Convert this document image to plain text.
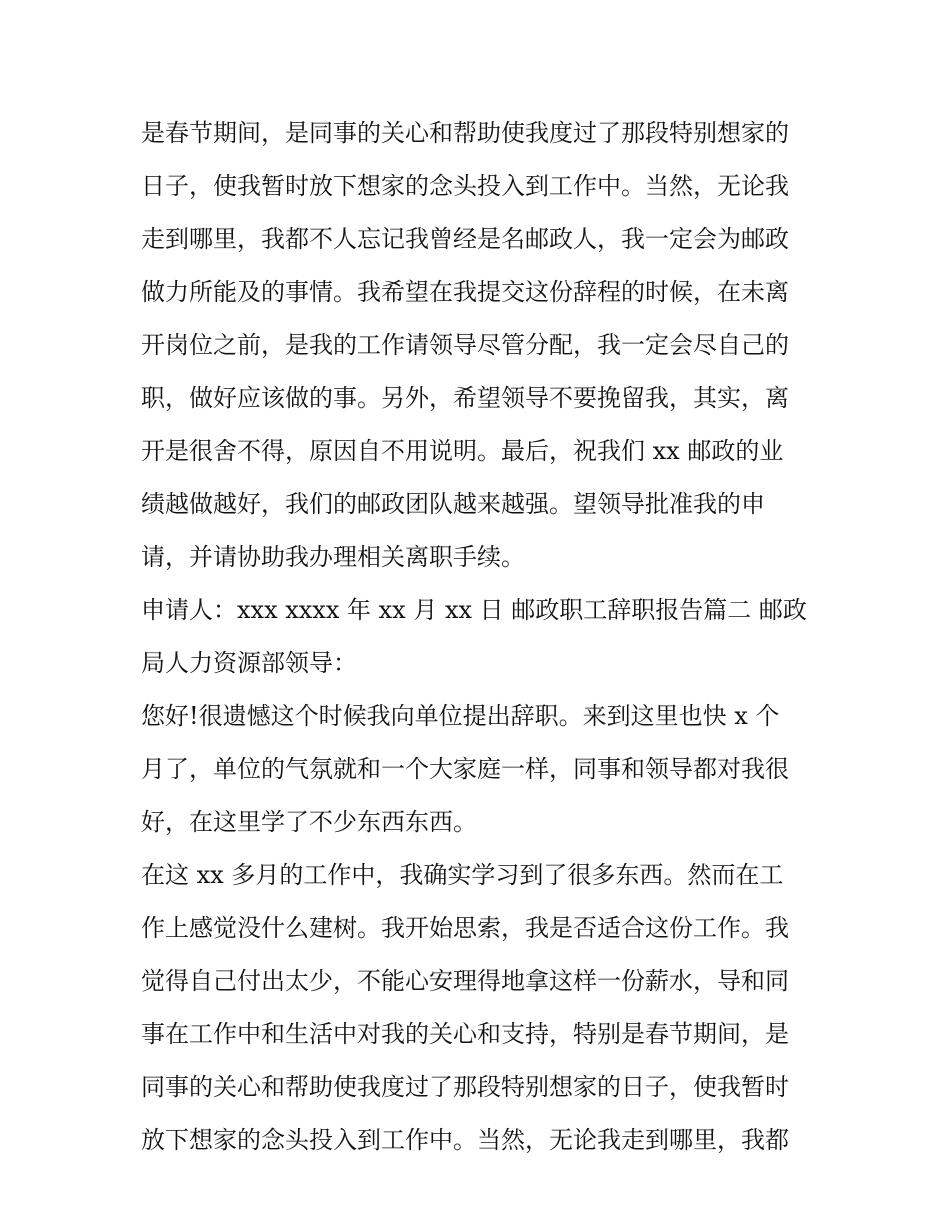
是春节期间，是同事的关心和帮助使我度过了那段特别想家的
日子，使我暂时放下想家的念头投入到工作中。当然，无论我
走到哪里，我都不人忘记我曾经是名邮政人，我一定会为邮政
做力所能及的事情。我希望在我提交这份辞程的时候，在未离
开岗位之前，是我的工作请领导尽管分配，我一定会尽自己的
职，做好应该做的事。另外，希望领导不要挽留我，其实，离
开是很舍不得，原因自不用说明。最后，祝我们 xx 邮政的业
绩越做越好，我们的邮政团队越来越强。望领导批准我的申
请，并请协助我办理相关离职手续。
申请人：xxx xxxx 年 xx 月 xx 日 邮政职工辞职报告篇二 邮政
局人力资源部领导：
您好!很遗憾这个时候我向单位提出辞职。来到这里也快 x 个
月了，单位的气氛就和一个大家庭一样，同事和领导都对我很
好，在这里学了不少东西东西。
在这 xx 多月的工作中，我确实学习到了很多东西。然而在工
作上感觉没什么建树。我开始思索，我是否适合这份工作。我
觉得自己付出太少，不能心安理得地拿这样一份薪水，导和同
事在工作中和生活中对我的关心和支持，特别是春节期间，是
同事的关心和帮助使我度过了那段特别想家的日子，使我暂时
放下想家的念头投入到工作中。当然，无论我走到哪里，我都
